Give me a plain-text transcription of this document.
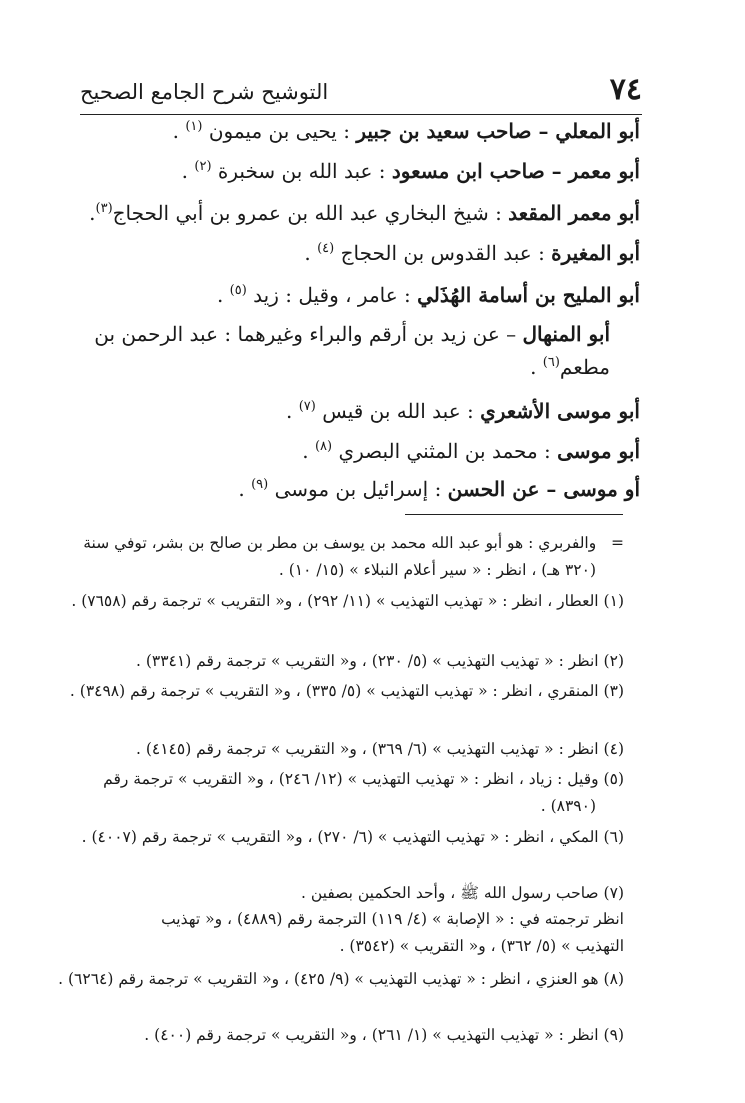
٧٤
التوشيح شرح الجامع الصحيح
أبو المعلي – صاحب سعيد بن جبير : يحيى بن ميمون $^{(١)}$ .
أبو معمر – صاحب ابن مسعود : عبد الله بن سخبرة $^{(٢)}$ .
أبو معمر المقعد : شيخ البخاري عبد الله بن عمرو بن أبي الحجاج$^{(٣)}$.
أبو المغيرة : عبد القدوس بن الحجاج $^{(٤)}$ .
أبو المليح بن أسامة الهُذَلي : عامر ، وقيل : زيد $^{(٥)}$ .
أبو المنهال – عن زيد بن أرقم والبراء وغيرهما : عبد الرحمن بن مطعم$^{(٦)}$ .
أبو موسى الأشعري : عبد الله بن قيس $^{(٧)}$ .
أبو موسى : محمد بن المثني البصري $^{(٨)}$ .
أو موسى – عن الحسن : إسرائيل بن موسى $^{(٩)}$ .
=   والفربري : هو أبو عبد الله محمد بن يوسف بن مطر بن صالح بن بشر، توفي سنة (٣٢٠ هـ) ، انظر : « سير أعلام النبلاء » (١٥/ ١٠) .
(١) العطار ، انظر : « تهذيب التهذيب » (١١/ ٢٩٢) ، و« التقريب » ترجمة رقم (٧٦٥٨) .
(٢) انظر : « تهذيب التهذيب » (٥/ ٢٣٠) ، و« التقريب » ترجمة رقم (٣٣٤١) .
(٣) المنقري ، انظر : « تهذيب التهذيب » (٥/ ٣٣٥) ، و« التقريب » ترجمة رقم (٣٤٩٨) .
(٤) انظر : « تهذيب التهذيب » (٦/ ٣٦٩) ، و« التقريب » ترجمة رقم (٤١٤٥) .
(٥) وقيل : زياد ، انظر : « تهذيب التهذيب » (١٢/ ٢٤٦) ، و« التقريب » ترجمة رقم (٨٣٩٠) .
(٦) المكي ، انظر : « تهذيب التهذيب » (٦/ ٢٧٠) ، و« التقريب » ترجمة رقم (٤٠٠٧) .
(٧) صاحب رسول الله ﷺ ، وأحد الحكمين بصفين .
انظر ترجمته في : « الإصابة » (٤/ ١١٩) الترجمة رقم (٤٨٨٩) ، و« تهذيب التهذيب » (٥/ ٣٦٢) ، و« التقريب » (٣٥٤٢) .
(٨) هو العنزي ، انظر : « تهذيب التهذيب » (٩/ ٤٢٥) ، و« التقريب » ترجمة رقم (٦٢٦٤) .
(٩) انظر : « تهذيب التهذيب » (١/ ٢٦١) ، و« التقريب » ترجمة رقم (٤٠٠) .
